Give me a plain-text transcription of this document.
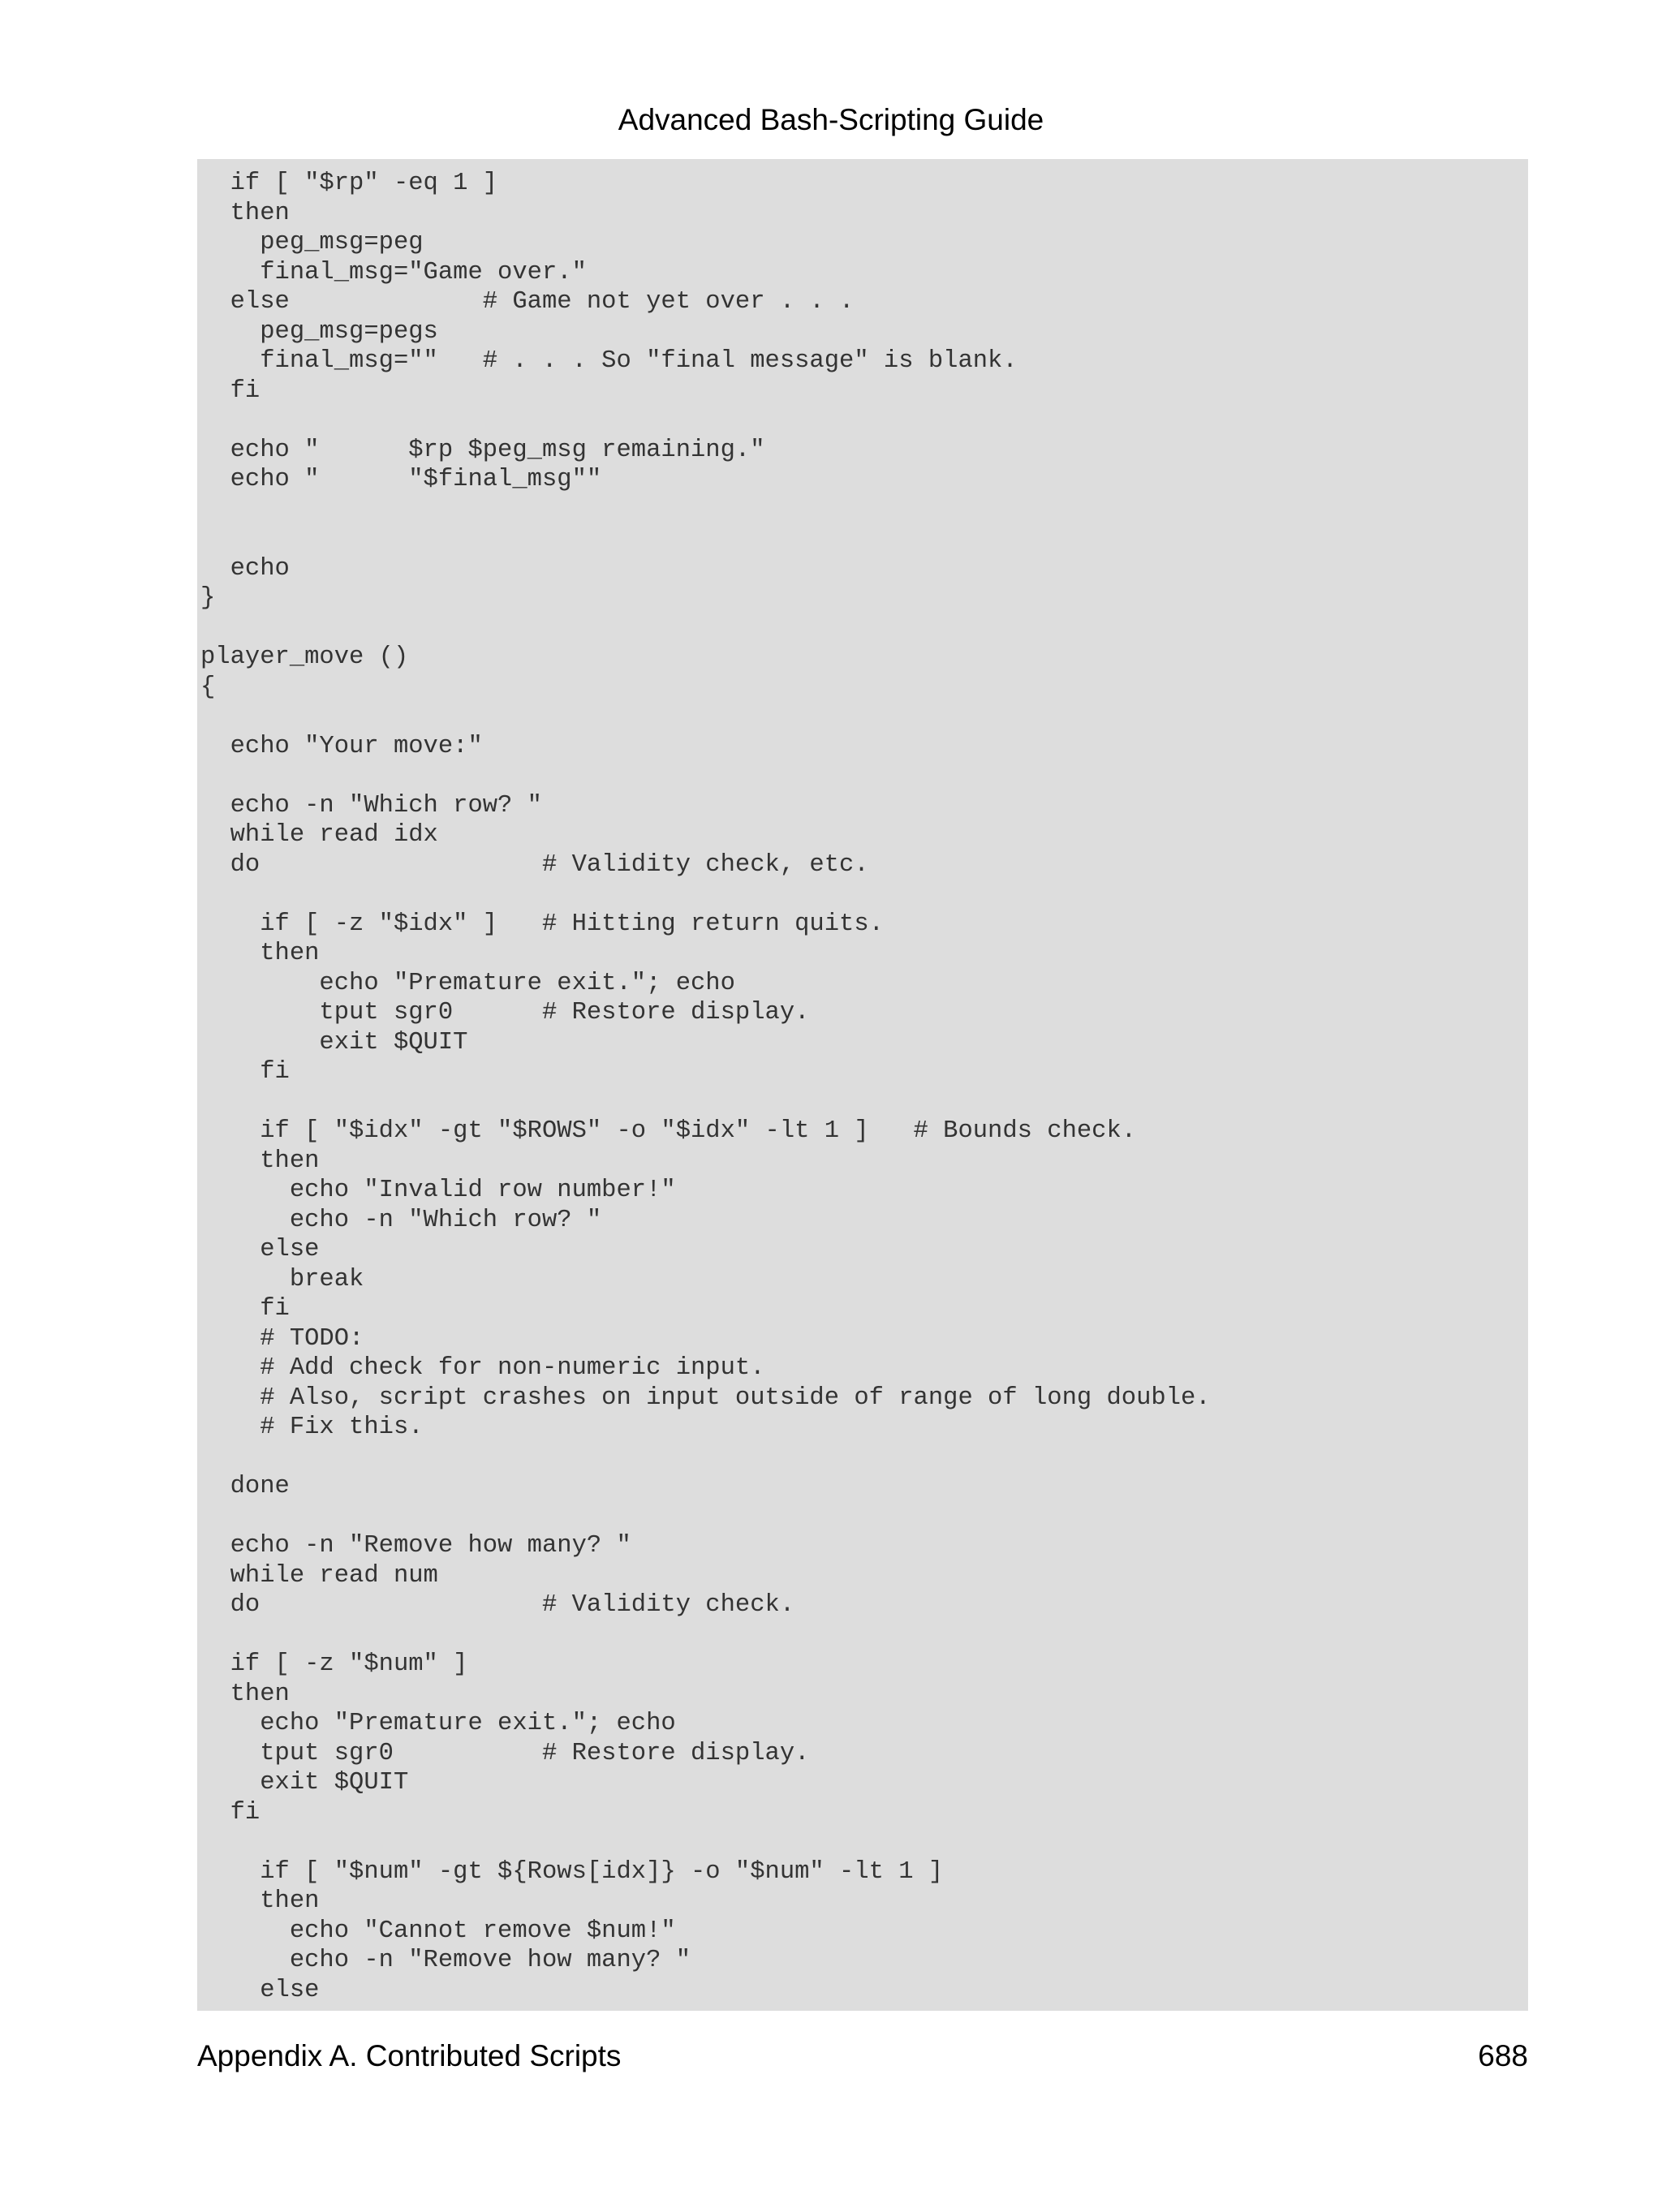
Advanced Bash-Scripting Guide
if [ "$rp" -eq 1 ]
then
peg_msg=peg
final_msg="Game over."
else             # Game not yet over . . .
peg_msg=pegs
final_msg=""   # . . . So "final message" is blank.
fi
echo "      $rp $peg_msg remaining."
echo "      "$final_msg""
echo
}
player_move ()
{
echo "Your move:"
echo -n "Which row? "
while read idx
do                   # Validity check, etc.
if [ -z "$idx" ]   # Hitting return quits.
then
echo "Premature exit."; echo
tput sgr0      # Restore display.
exit $QUIT
fi
if [ "$idx" -gt "$ROWS" -o "$idx" -lt 1 ]   # Bounds check.
then
echo "Invalid row number!"
echo -n "Which row? "
else
break
fi
# TODO:
# Add check for non-numeric input.
# Also, script crashes on input outside of range of long double.
# Fix this.
done
echo -n "Remove how many? "
while read num
do                   # Validity check.
if [ -z "$num" ]
then
echo "Premature exit."; echo
tput sgr0          # Restore display.
exit $QUIT
fi
if [ "$num" -gt ${Rows[idx]} -o "$num" -lt 1 ]
then
echo "Cannot remove $num!"
echo -n "Remove how many? "
else
Appendix A. Contributed Scripts	688
